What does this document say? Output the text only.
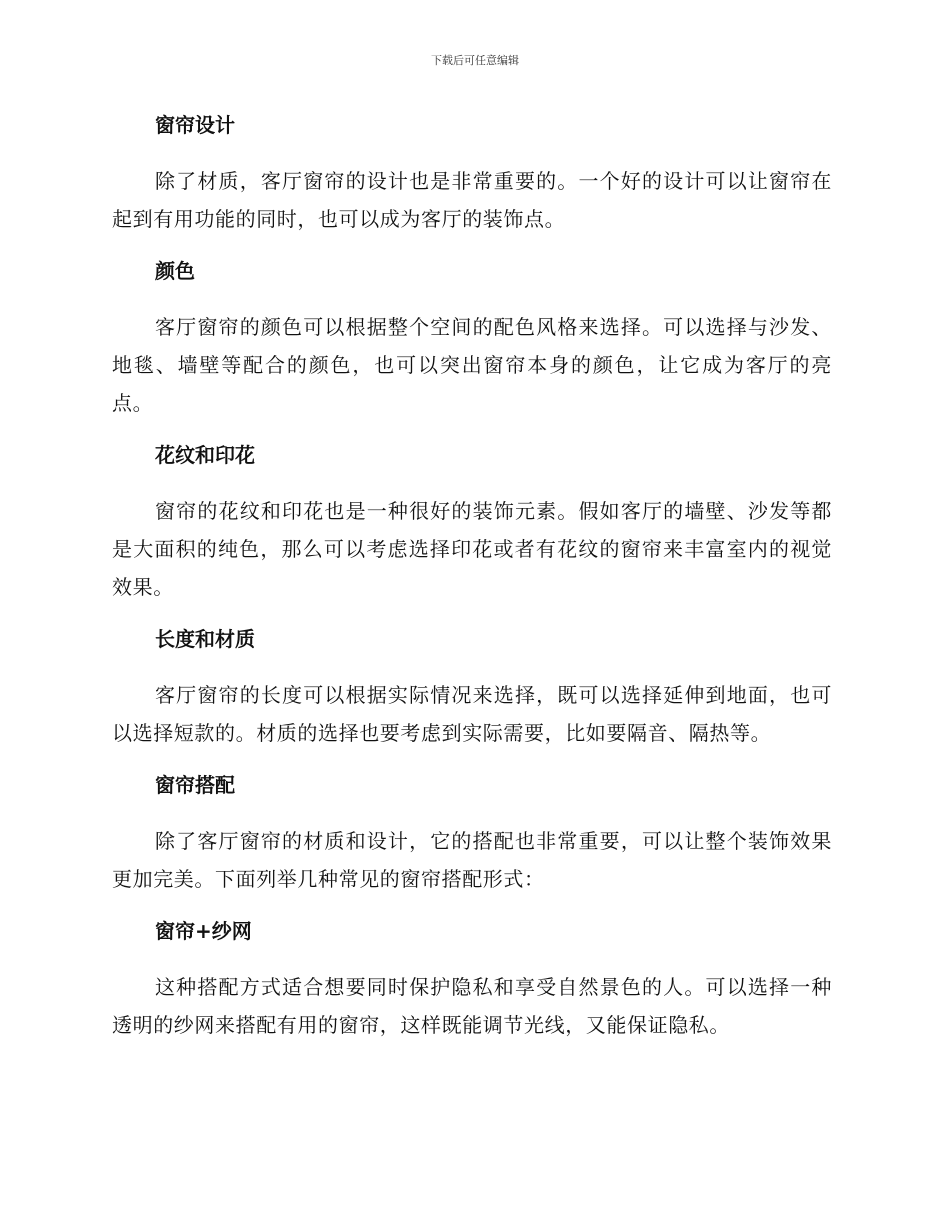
下载后可任意编辑
窗帘设计

除了材质，客厅窗帘的设计也是非常重要的。一个好的设计可以让窗帘在起到有用功能的同时，也可以成为客厅的装饰点。

颜色

客厅窗帘的颜色可以根据整个空间的配色风格来选择。可以选择与沙发、地毯、墙壁等配合的颜色，也可以突出窗帘本身的颜色，让它成为客厅的亮点。

花纹和印花

窗帘的花纹和印花也是一种很好的装饰元素。假如客厅的墙壁、沙发等都是大面积的纯色，那么可以考虑选择印花或者有花纹的窗帘来丰富室内的视觉效果。

长度和材质

客厅窗帘的长度可以根据实际情况来选择，既可以选择延伸到地面，也可以选择短款的。材质的选择也要考虑到实际需要，比如要隔音、隔热等。

窗帘搭配

除了客厅窗帘的材质和设计，它的搭配也非常重要，可以让整个装饰效果更加完美。下面列举几种常见的窗帘搭配形式：

窗帘+纱网

这种搭配方式适合想要同时保护隐私和享受自然景色的人。可以选择一种透明的纱网来搭配有用的窗帘，这样既能调节光线，又能保证隐私。
